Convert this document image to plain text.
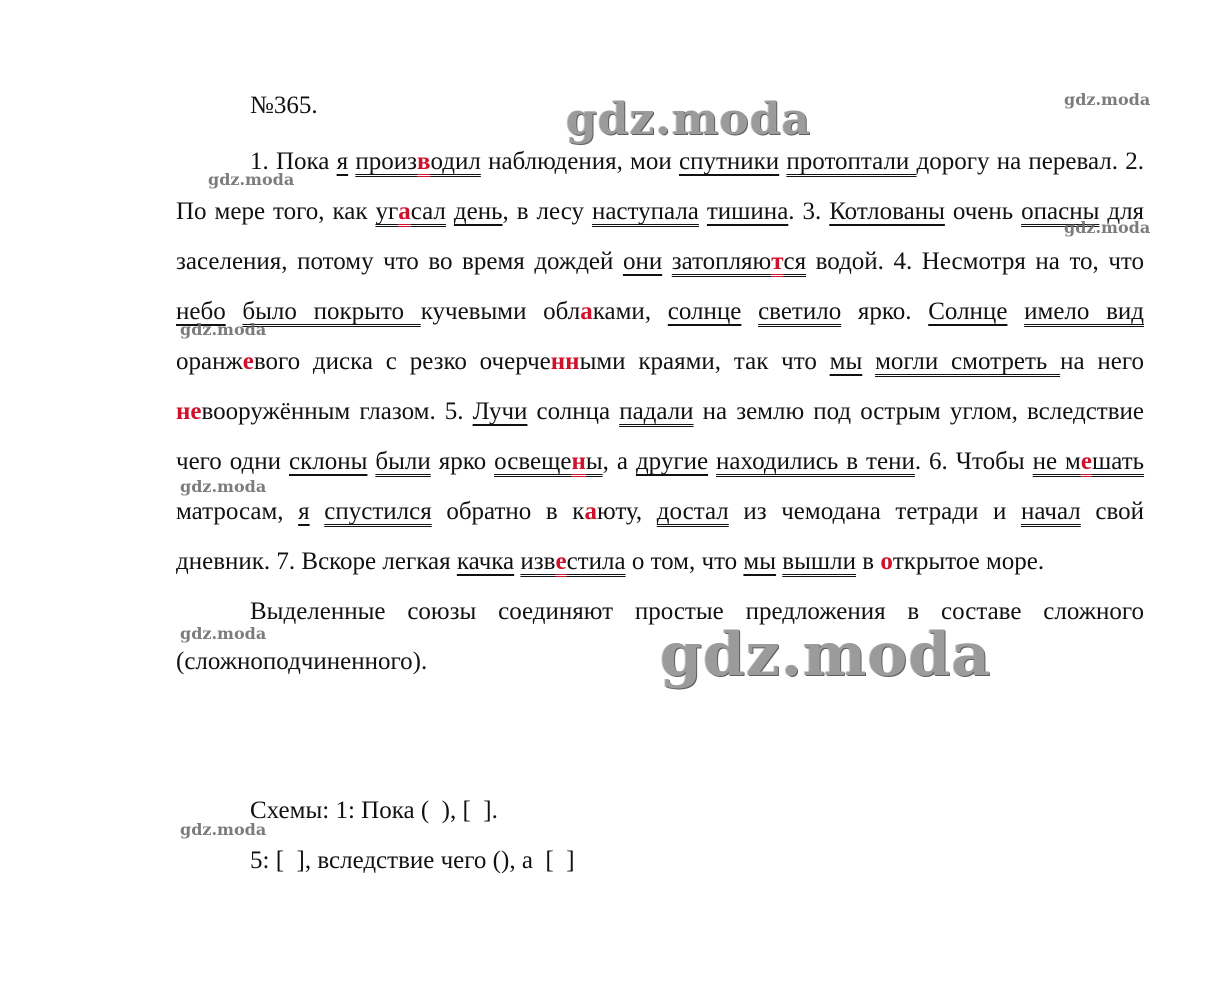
№365.

1. Пока я производил наблюдения, мои спутники протоптали дорогу на перевал. 2. По мере того, как угасал день, в лесу наступала тишина. 3. Котлованы очень опасны для заселения, потому что во время дождей они затопляются водой. 4. Несмотря на то, что небо было покрыто кучевыми облаками, солнце светило ярко. Солнце имело вид оранжевого диска с резко очерченными краями, так что мы могли смотреть на него невооружённым глазом. 5. Лучи солнца падали на землю под острым углом, вследствие чего одни склоны были ярко освещены, а другие находились в тени. 6. Чтобы не мешать матросам, я спустился обратно в каюту, достал из чемодана тетради и начал свой дневник. 7. Вскоре легкая качка известила о том, что мы вышли в открытое море.

Выделенные союзы соединяют простые предложения в составе сложного (сложноподчиненного).

Схемы: 1: Пока (  ), [  ].
5: [  ], вследствие чего (), а  [  ]
gdz.moda
gdz.moda
gdz.moda
gdz.moda
gdz.moda
gdz.moda
gdz.moda
gdz.moda
gdz.moda
